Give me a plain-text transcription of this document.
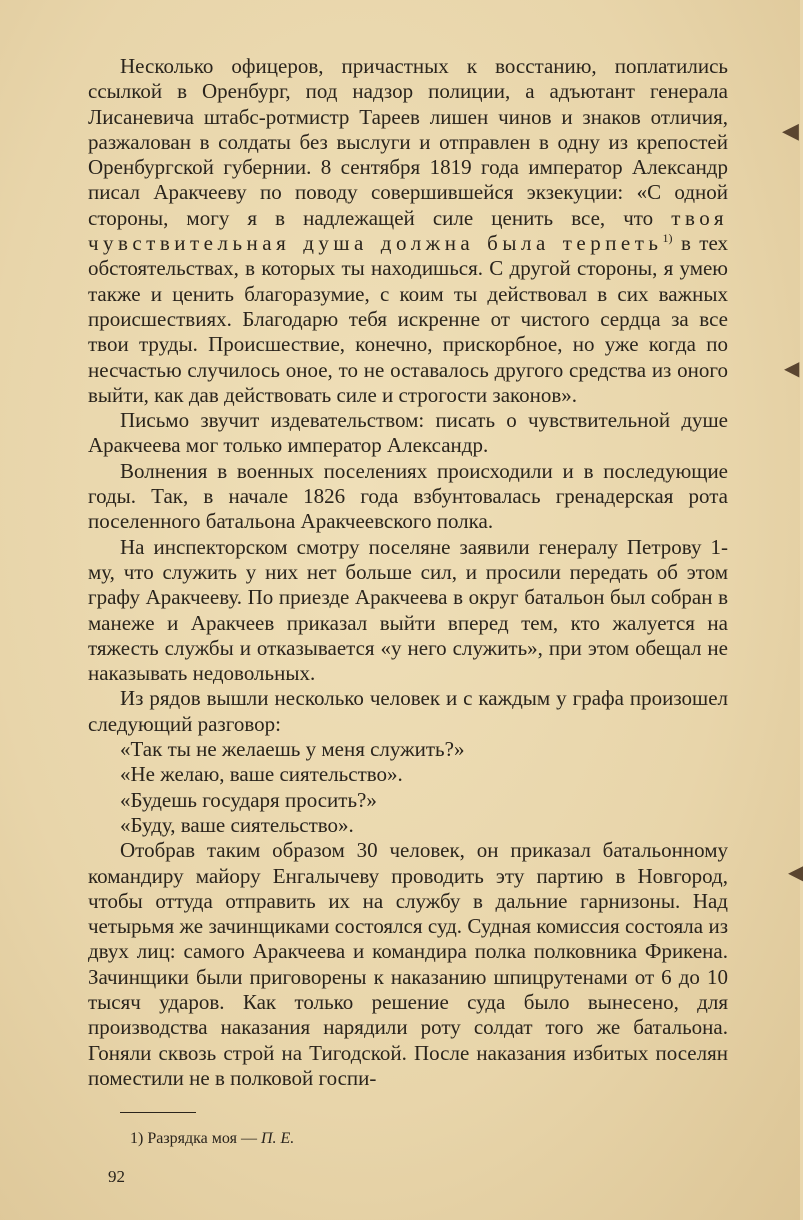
Несколько офицеров, причастных к восстанию, поплатились ссылкой в Оренбург, под надзор полиции, а адъютант генерала Лисаневича штабс-ротмистр Тареев лишен чинов и знаков отличия, разжалован в солдаты без выслуги и отправлен в одну из крепостей Оренбургской губернии. 8 сентября 1819 года император Александр писал Аракчееву по поводу совершившейся экзекуции: «С одной стороны, могу я в надлежащей силе ценить все, что твоя чувствительная душа должна была терпеть$^{1)}$ в тех обстоятельствах, в которых ты находишься. С другой стороны, я умею также и ценить благоразумие, с коим ты действовал в сих важных происшествиях. Благодарю тебя искренне от чистого сердца за все твои труды. Происшествие, конечно, прискорбное, но уже когда по несчастью случилось оное, то не оставалось другого средства из оного выйти, как дав действовать силе и строгости законов».

Письмо звучит издевательством: писать о чувствительной душе Аракчеева мог только император Александр.

Волнения в военных поселениях происходили и в последующие годы. Так, в начале 1826 года взбунтовалась гренадерская рота поселенного батальона Аракчеевского полка.

На инспекторском смотру поселяне заявили генералу Петрову 1-му, что служить у них нет больше сил, и просили передать об этом графу Аракчееву. По приезде Аракчеева в округ батальон был собран в манеже и Аракчеев приказал выйти вперед тем, кто жалуется на тяжесть службы и отказывается «у него служить», при этом обещал не наказывать недовольных.

Из рядов вышли несколько человек и с каждым у графа произошел следующий разговор:

«Так ты не желаешь у меня служить?»

«Не желаю, ваше сиятельство».

«Будешь государя просить?»

«Буду, ваше сиятельство».

Отобрав таким образом 30 человек, он приказал батальонному командиру майору Енгалычеву проводить эту партию в Новгород, чтобы оттуда отправить их на службу в дальние гарнизоны. Над четырьмя же зачинщиками состоялся суд. Судная комиссия состояла из двух лиц: самого Аракчеева и командира полка полковника Фрикена. Зачинщики были приговорены к наказанию шпицрутенами от 6 до 10 тысяч ударов. Как только решение суда было вынесено, для производства наказания нарядили роту солдат того же батальона. Гоняли сквозь строй на Тигодской. После наказания избитых поселян поместили не в полковой госпи-

1) Разрядка моя — П. Е.
92
◀
◀
◀
